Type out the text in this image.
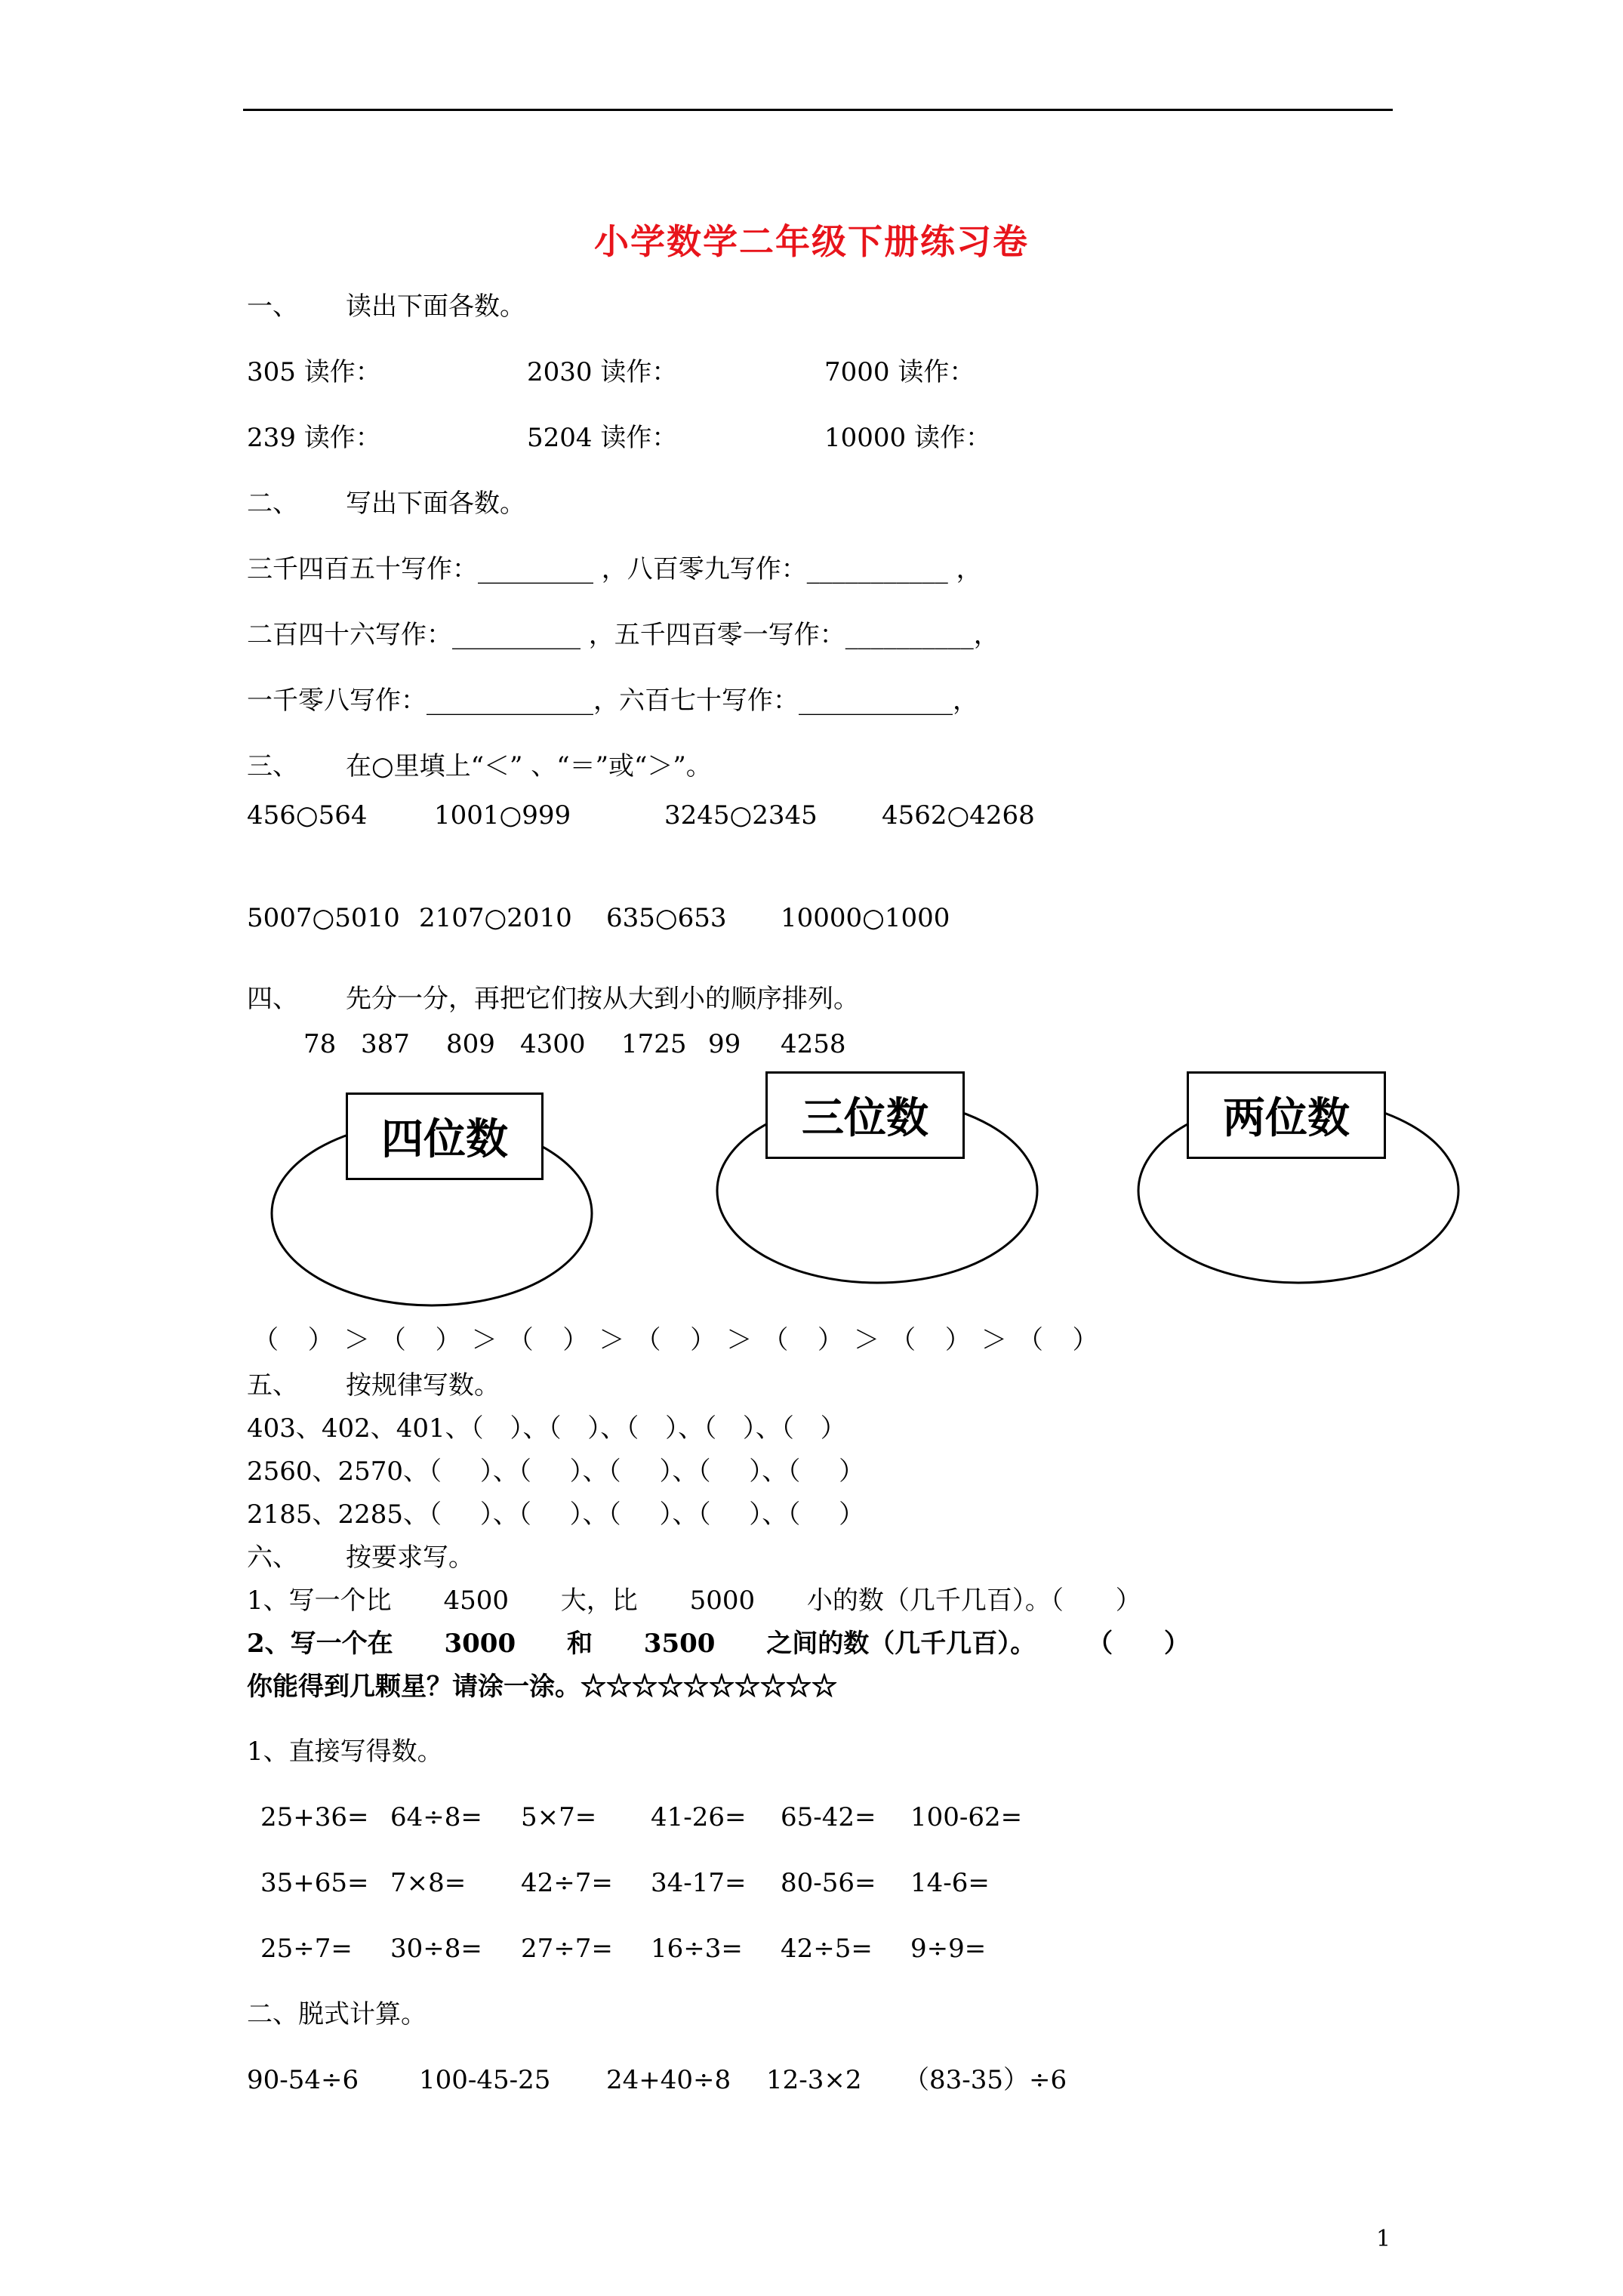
小学数学二年级下册练习卷
一、 读出下面各数。
305 读作：	2030 读作：	7000 读作：
239 读作：	5204 读作：	10000 读作：
二、 写出下面各数。
三千四百五十写作：_________ ，八百零九写作：___________ ，
二百四十六写作：__________ ，五千四百零一写作：__________，
一千零八写作：_____________，六百七十写作：____________，
三、 在○里填上“＜” 、“＝”或“＞”。
456○564	1001○999	3245○2345	4562○4268
5007○5010 2107○2010 635○653 10000○1000
四、 先分一分，再把它们按从大到小的顺序排列。
78 387 809 4300 1725 99 4258
四位数	三位数	两位数
（ ）＞（ ）＞（ ）＞（ ）＞（ ）＞（ ）＞（ ）
五、 按规律写数。
403、402、401、（ ）、（ ）、（ ）、（ ）、（ ）
2560、2570、（ ）、（ ）、（ ）、（ ）、（ ）
2185、2285、（ ）、（ ）、（ ）、（ ）、（ ）
六、 按要求写。
1、写一个比 4500 大，比 5000 小的数（几千几百）。（ ）
2、写一个在 3000 和 3500 之间的数（几千几百）。 （ ）
你能得到几颗星？请涂一涂。☆☆☆☆☆☆☆☆☆☆
1、直接写得数。
25+36= 64÷8= 5×7= 41-26= 65-42= 100-62=
35+65= 7×8= 42÷7= 34-17= 80-56= 14-6=
25÷7= 30÷8= 27÷7= 16÷3= 42÷5= 9÷9=
二、脱式计算。
90-54÷6 100-45-25 24+40÷8 12-3×2 （83-35）÷6
1
